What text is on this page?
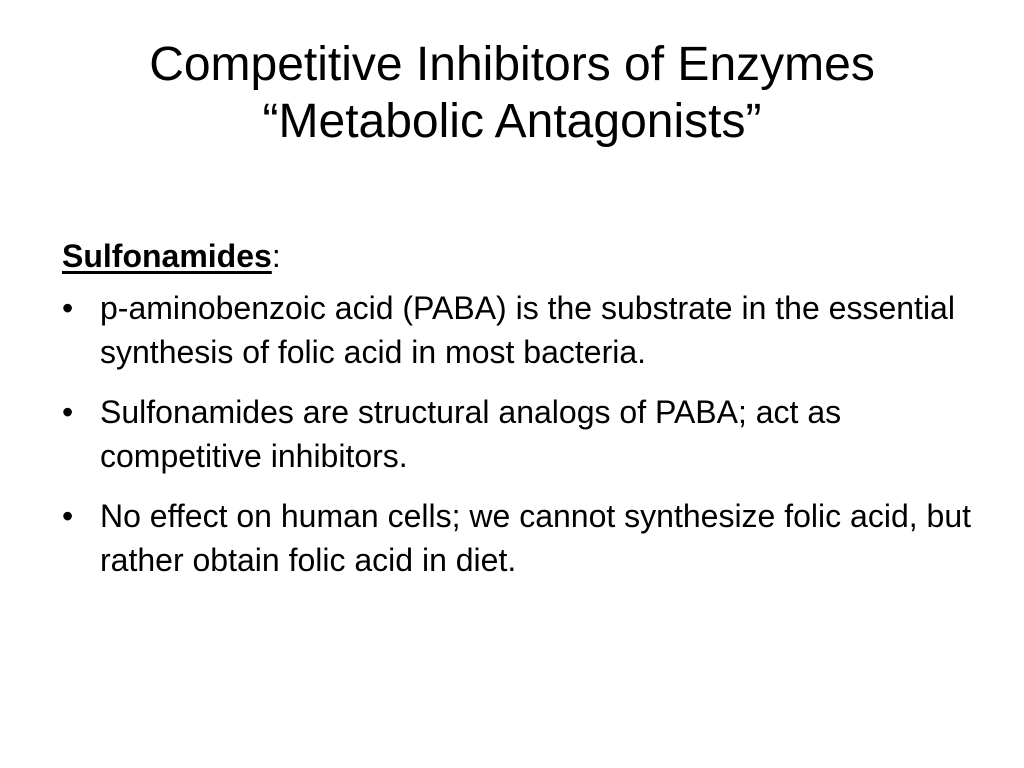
Competitive Inhibitors of Enzymes
“Metabolic Antagonists”
Sulfonamides:
• p-aminobenzoic acid (PABA) is the substrate in the essential synthesis of folic acid in most bacteria.
• Sulfonamides are structural analogs of PABA; act as competitive inhibitors.
• No effect on human cells; we cannot synthesize folic acid, but rather obtain folic acid in diet.
